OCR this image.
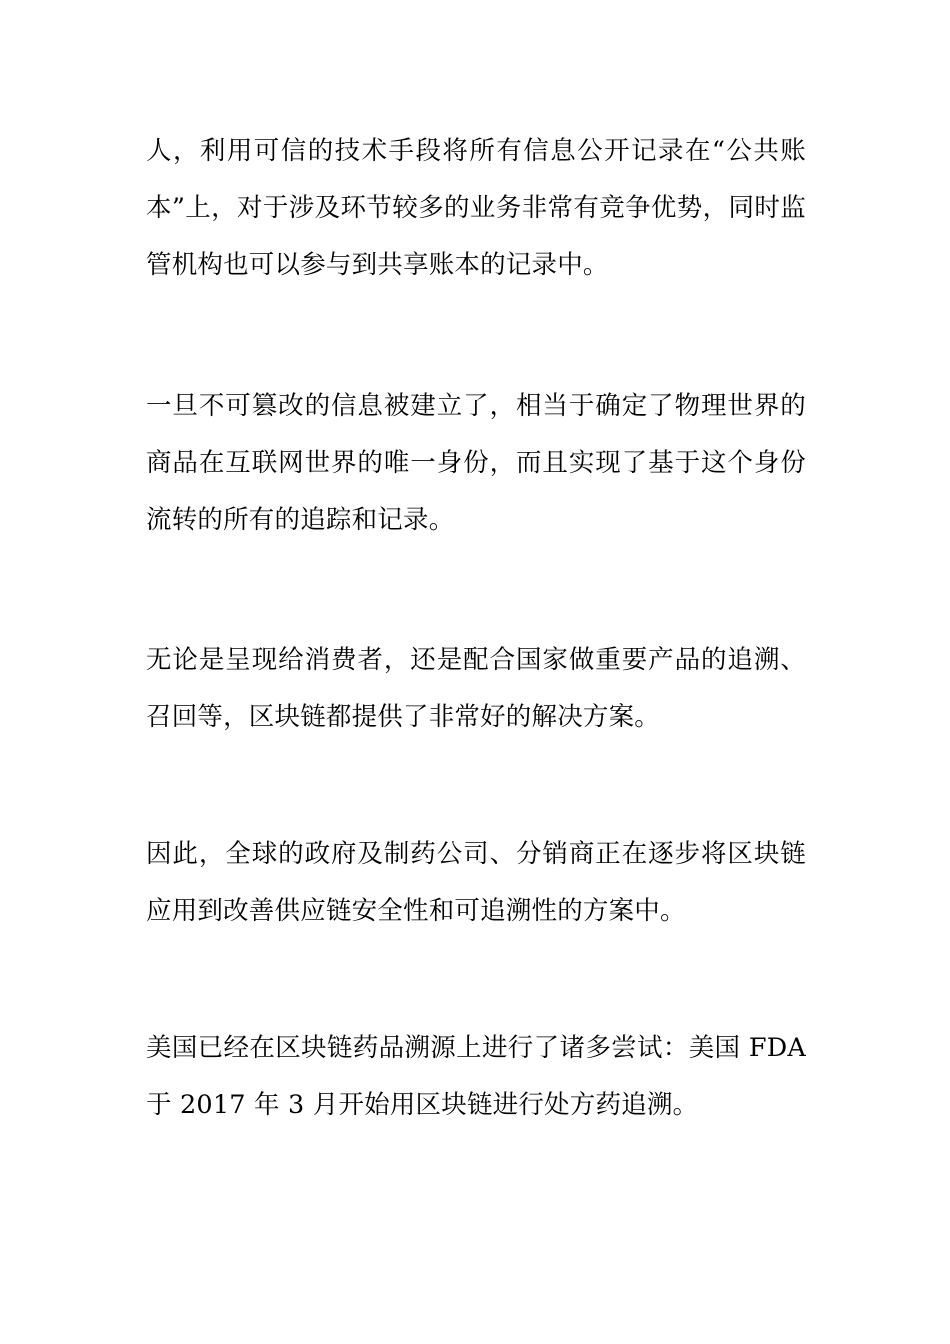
人，利用可信的技术手段将所有信息公开记录在“公共账本”上，对于涉及环节较多的业务非常有竞争优势，同时监管机构也可以参与到共享账本的记录中。

一旦不可篡改的信息被建立了，相当于确定了物理世界的商品在互联网世界的唯一身份，而且实现了基于这个身份流转的所有的追踪和记录。

无论是呈现给消费者，还是配合国家做重要产品的追溯、召回等，区块链都提供了非常好的解决方案。

因此，全球的政府及制药公司、分销商正在逐步将区块链应用到改善供应链安全性和可追溯性的方案中。

美国已经在区块链药品溯源上进行了诸多尝试：美国 FDA 于 2017 年 3 月开始用区块链进行处方药追溯。
